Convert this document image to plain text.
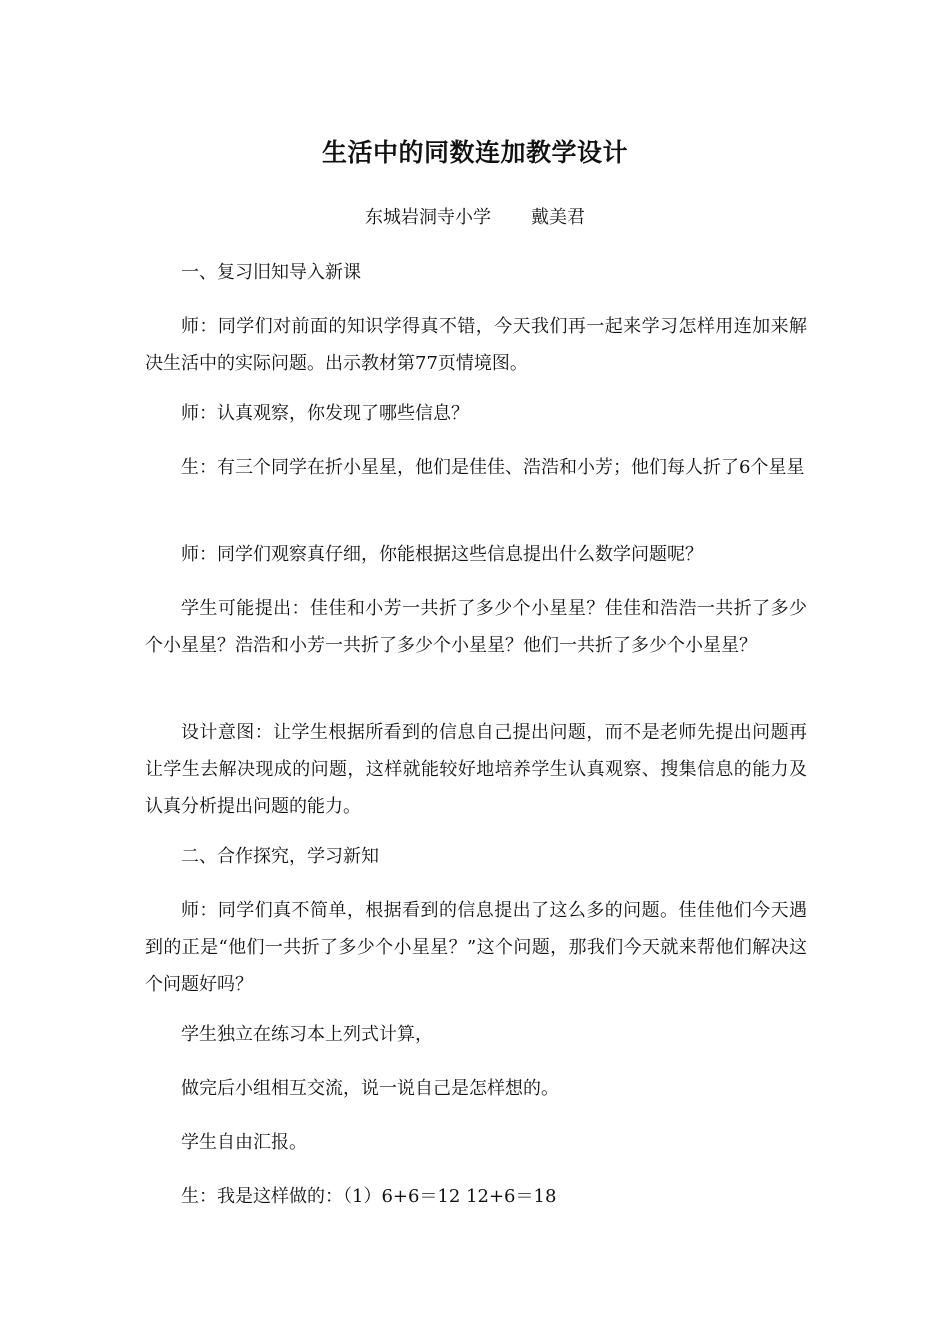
生活中的同数连加教学设计
东城岩洞寺小学       戴美君

一、复习旧知导入新课

师：同学们对前面的知识学得真不错，今天我们再一起来学习怎样用连加来解决生活中的实际问题。出示教材第77页情境图。

师：认真观察，你发现了哪些信息？

生：有三个同学在折小星星，他们是佳佳、浩浩和小芳；他们每人折了6个星星

师：同学们观察真仔细，你能根据这些信息提出什么数学问题呢？

学生可能提出：佳佳和小芳一共折了多少个小星星？佳佳和浩浩一共折了多少个小星星？浩浩和小芳一共折了多少个小星星？他们一共折了多少个小星星？

设计意图：让学生根据所看到的信息自己提出问题，而不是老师先提出问题再让学生去解决现成的问题，这样就能较好地培养学生认真观察、搜集信息的能力及认真分析提出问题的能力。

二、合作探究，学习新知

师：同学们真不简单，根据看到的信息提出了这么多的问题。佳佳他们今天遇到的正是“他们一共折了多少个小星星？”这个问题，那我们今天就来帮他们解决这个问题好吗？

学生独立在练习本上列式计算，

做完后小组相互交流，说一说自己是怎样想的。

学生自由汇报。

生：我是这样做的：（1）6+6＝12 12+6＝18
